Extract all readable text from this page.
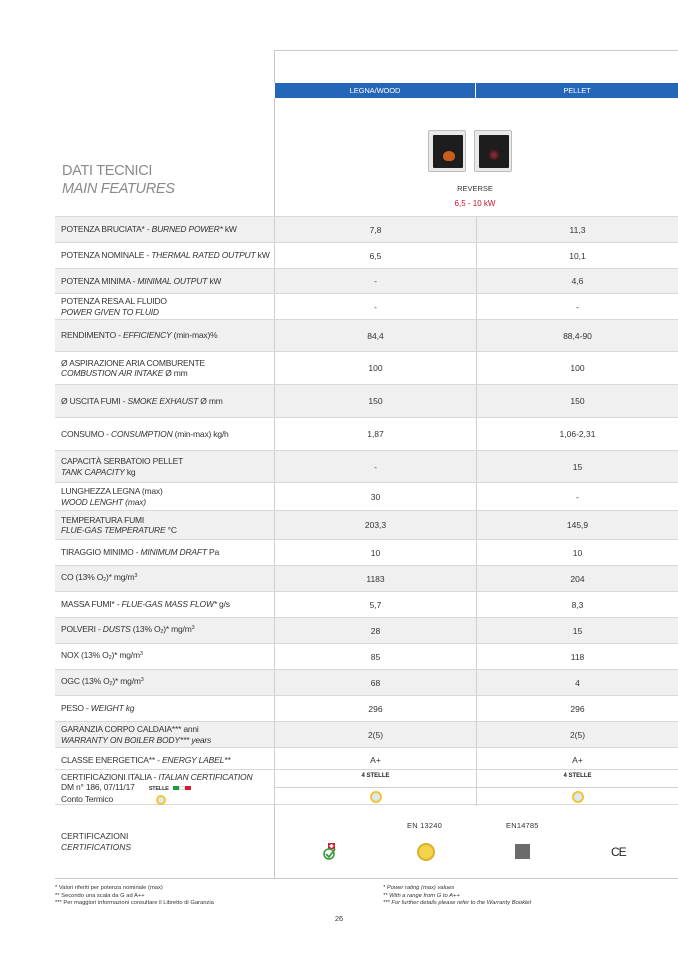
LEGNA/WOOD	PELLET
DATI TECNICI
MAIN FEATURES	REVERSE
6,5 - 10 kW
POTENZA BRUCIATA* - BURNED POWER* kW	7,8	11,3
POTENZA NOMINALE - THERMAL RATED OUTPUT kW	6,5	10,1
POTENZA MINIMA - MINIMAL OUTPUT kW	-	4,6
POTENZA RESA AL FLUIDO
POWER GIVEN TO FLUID	-	-
RENDIMENTO - EFFICIENCY (min-max)%	84,4	88,4-90
Ø ASPIRAZIONE ARIA COMBURENTE
COMBUSTION AIR INTAKE Ø mm	100	100
Ø USCITA FUMI - SMOKE EXHAUST Ø mm	150	150
CONSUMO - CONSUMPTION (min-max) kg/h	1,87	1,06-2,31
CAPACITÀ SERBATOIO PELLET
TANK CAPACITY kg	-	15
LUNGHEZZA LEGNA (max)
WOOD LENGHT (max)	30	-
TEMPERATURA FUMI
FLUE-GAS TEMPERATURE °C	203,3	145,9
TIRAGGIO MINIMO - MINIMUM DRAFT Pa	10	10
CO (13% $O_2)*$ $mg/m^3$	1183	204
MASSA FUMI* - FLUE-GAS MASS FLOW* g/s	5,7	8,3
POLVERI - DUSTS (13% $O_2)*$ $mg/m^3$	28	15
NOX (13% $O_2)*$ $mg/m^3$	85	118
OGC (13% $O_2)*$ $mg/m^3$	68	4
PESO - WEIGHT kg	296	296
GARANZIA CORPO CALDAIA*** anni
WARRANTY ON BOILER BODY*** years	2(5)	2(5)
CLASSE ENERGETICA** - ENERGY LABEL**	A+	A+
CERTIFICAZIONI ITALIA - ITALIAN CERTIFICATION
DM n° 186, 07/11/17	STELLE
Conto Termico
4 STELLE	4 STELLE
CERTIFICAZIONI
CERTIFICATIONS
EN 13240	EN14785
CE
* Valori riferiti per potenza nominale (max)
** Secondo una scala da G ad A++
*** Per maggiori informazioni consultare il Libretto di Garanzia
* Power rating (max) values
** With a range from G to A++
*** For further details please refer to the Warranty Booklet
26
